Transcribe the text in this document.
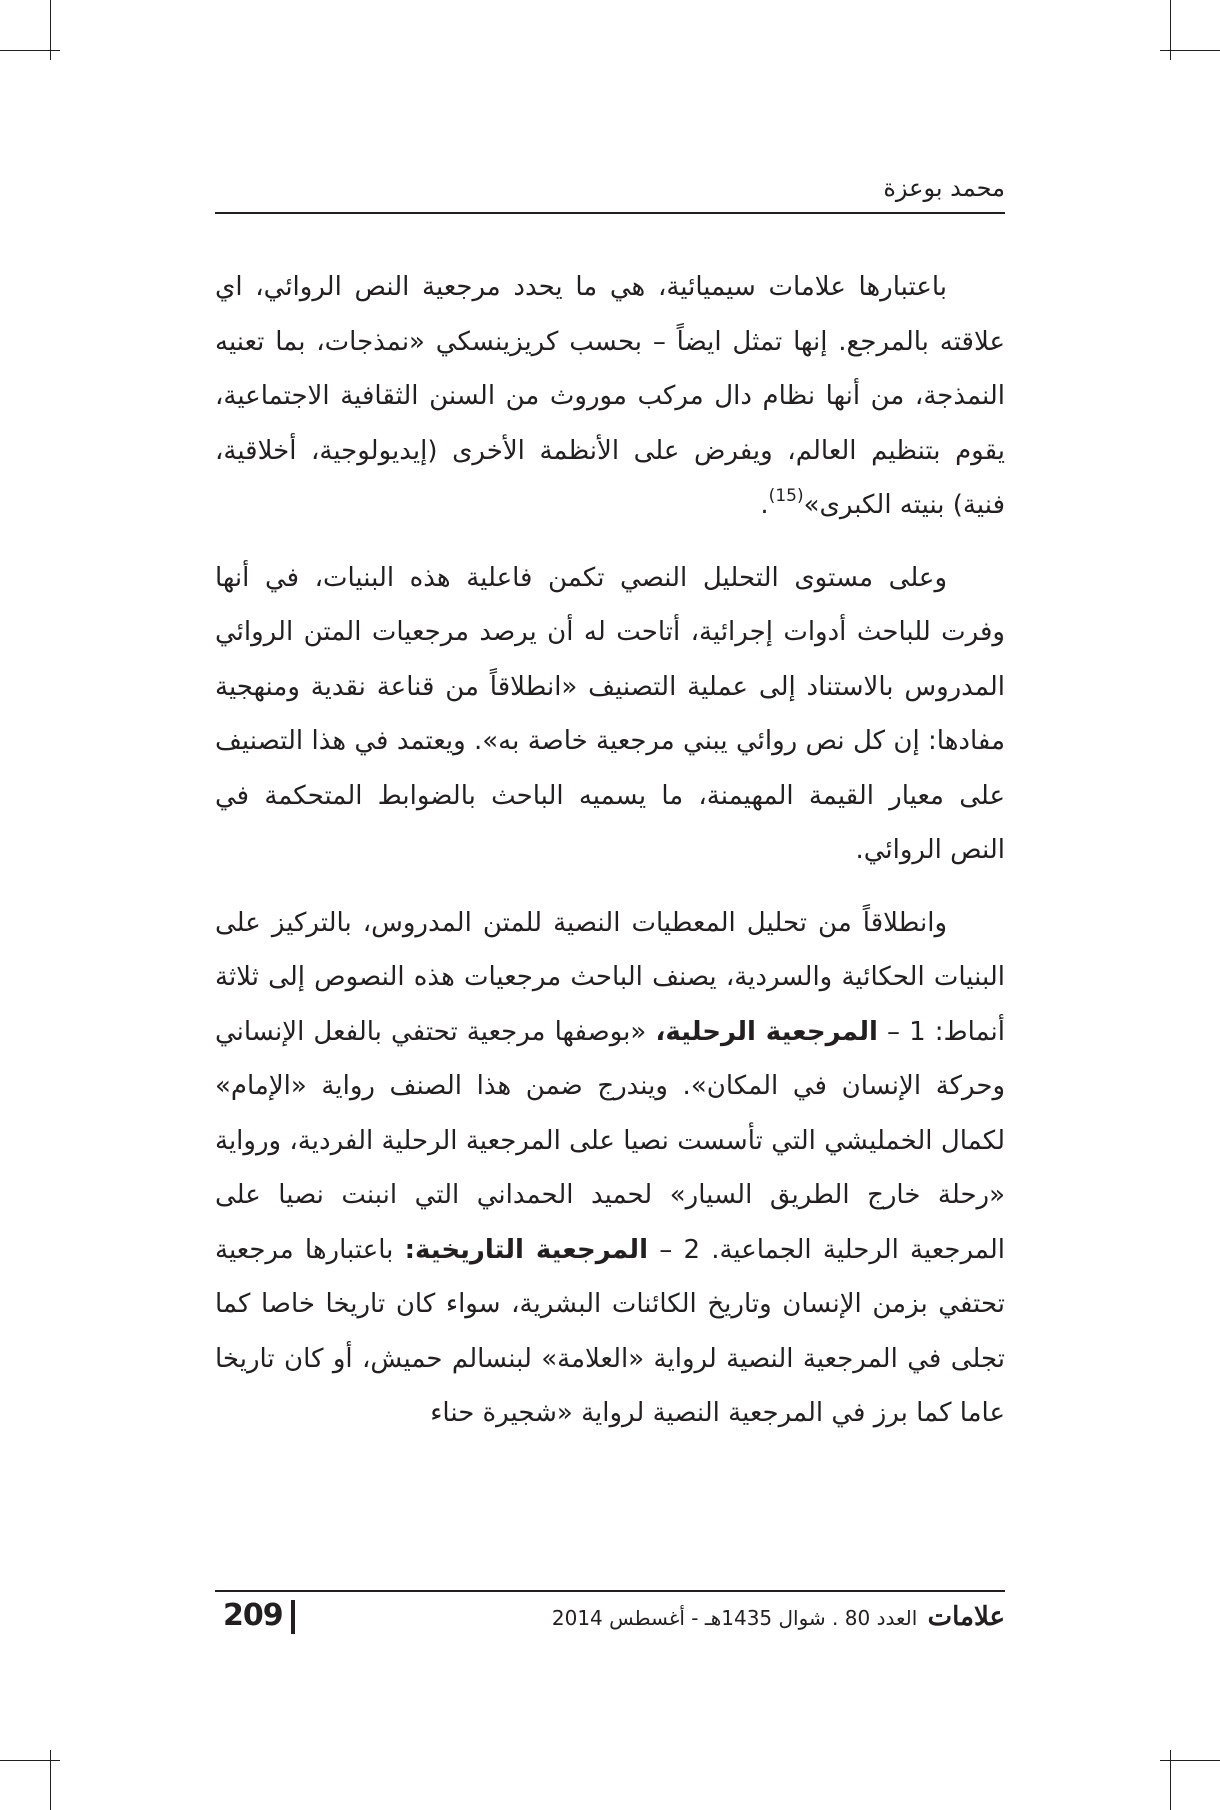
محمد بوعزة

باعتبارها علامات سيميائية، هي ما يحدد مرجعية النص الروائي، اي علاقته بالمرجع. إنها تمثل ايضاً – بحسب كريزينسكي «نمذجات، بما تعنيه النمذجة، من أنها نظام دال مركب موروث من السنن الثقافية الاجتماعية، يقوم بتنظيم العالم، ويفرض على الأنظمة الأخرى (إيديولوجية، أخلاقية، فنية) بنيته الكبرى»$^{(15)}$.

وعلى مستوى التحليل النصي تكمن فاعلية هذه البنيات، في أنها وفرت للباحث أدوات إجرائية، أتاحت له أن يرصد مرجعيات المتن الروائي المدروس بالاستناد إلى عملية التصنيف «انطلاقاً من قناعة نقدية ومنهجية مفادها: إن كل نص روائي يبني مرجعية خاصة به». ويعتمد في هذا التصنيف على معيار القيمة المهيمنة، ما يسميه الباحث بالضوابط المتحكمة في النص الروائي.

وانطلاقاً من تحليل المعطيات النصية للمتن المدروس، بالتركيز على البنيات الحكائية والسردية، يصنف الباحث مرجعيات هذه النصوص إلى ثلاثة أنماط: 1 – المرجعية الرحلية، «بوصفها مرجعية تحتفي بالفعل الإنساني وحركة الإنسان في المكان». ويندرج ضمن هذا الصنف رواية «الإمام» لكمال الخمليشي التي تأسست نصيا على المرجعية الرحلية الفردية، ورواية «رحلة خارج الطريق السيار» لحميد الحمداني التي انبنت نصيا على المرجعية الرحلية الجماعية. 2 – المرجعية التاريخية: باعتبارها مرجعية تحتفي بزمن الإنسان وتاريخ الكائنات البشرية، سواء كان تاريخا خاصا كما تجلى في المرجعية النصية لرواية «العلامة» لبنسالم حميش، أو كان تاريخا عاما كما برز في المرجعية النصية لرواية «شجيرة حناء

209	علامات العدد 80 . شوال 1435هـ - أغسطس 2014
